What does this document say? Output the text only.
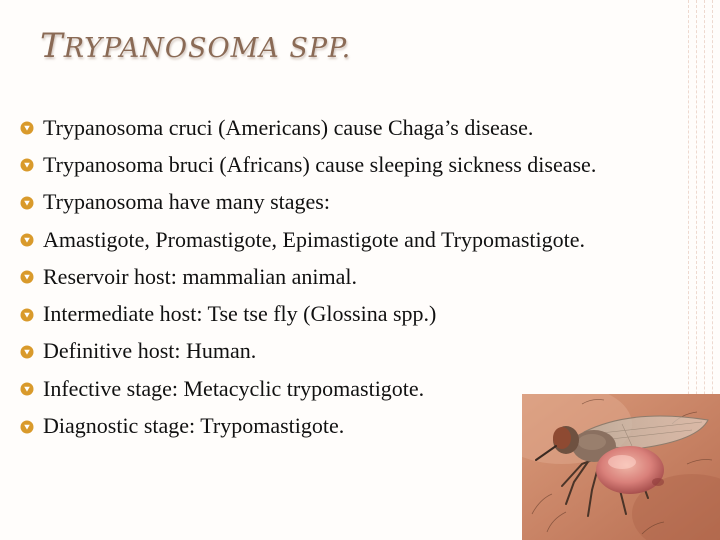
TRYPANOSOMA SPP.
Trypanosoma cruci (Americans) cause Chaga’s disease.
Trypanosoma bruci (Africans) cause sleeping sickness disease.
Trypanosoma have many stages:
Amastigote, Promastigote, Epimastigote and Trypomastigote.
Reservoir host: mammalian animal.
Intermediate host: Tse tse fly (Glossina spp.)
Definitive host: Human.
Infective stage: Metacyclic trypomastigote.
Diagnostic stage: Trypomastigote.
